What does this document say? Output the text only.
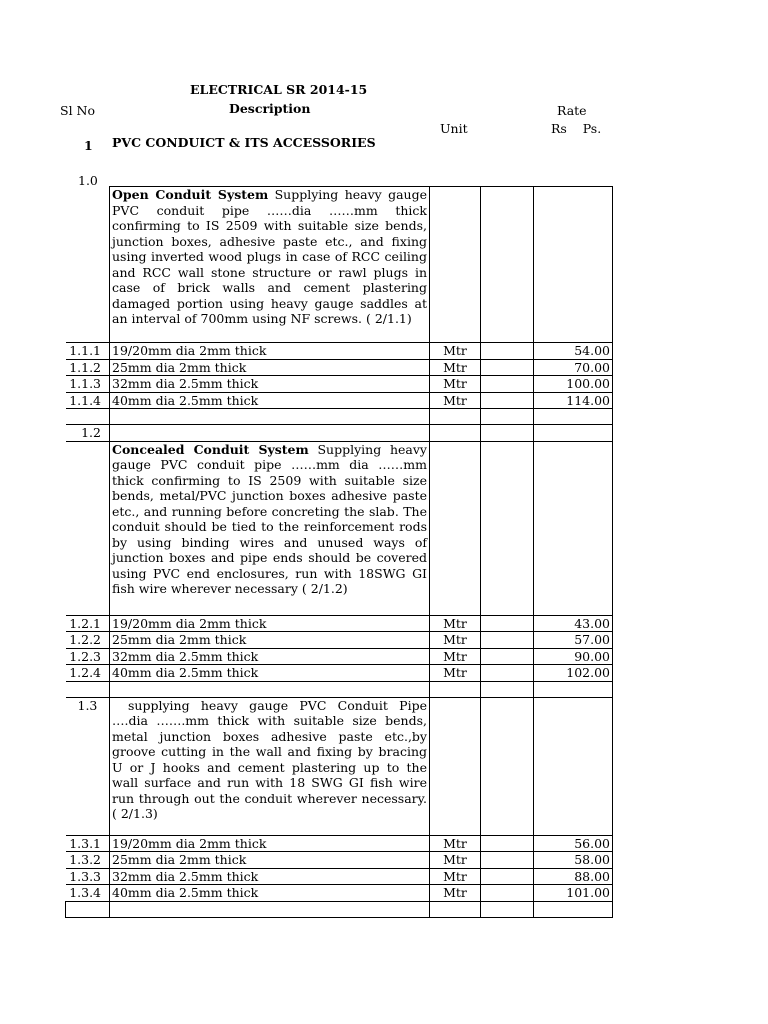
ELECTRICAL SR 2014-15
Sl No	Description	Rate
Unit	Rs    Ps.
1 PVC CONDUICT & ITS ACCESSORIES
1.0

	Open Conduit System Supplying heavy gauge PVC conduit pipe ……dia ……mm thick confirming to IS 2509 with suitable size bends, junction boxes, adhesive paste etc., and fixing using inverted wood plugs in case of RCC ceiling and RCC wall stone structure or rawl plugs in case of brick walls and cement plastering damaged portion using heavy gauge saddles at an interval of 700mm using NF screws. ( 2/1.1)			

1.1.1	19/20mm dia 2mm thick	Mtr		54.00
1.1.2	25mm dia 2mm thick	Mtr		70.00
1.1.3	32mm dia 2.5mm thick	Mtr		100.00
1.1.4	40mm dia 2.5mm thick	Mtr		114.00

1.2				

	Concealed Conduit System Supplying heavy gauge PVC conduit pipe ……mm dia ……mm thick confirming to IS 2509 with suitable size bends, metal/PVC junction boxes adhesive paste etc., and running before concreting the slab. The conduit should be tied to the reinforcement rods by using binding wires and unused ways of junction boxes and pipe ends should be covered using PVC end enclosures, run with 18SWG GI fish wire wherever necessary ( 2/1.2)			

1.2.1	19/20mm dia 2mm thick	Mtr		43.00
1.2.2	25mm dia 2mm thick	Mtr		57.00
1.2.3	32mm dia 2.5mm thick	Mtr		90.00
1.2.4	40mm dia 2.5mm thick	Mtr		102.00

1.3	supplying heavy gauge PVC Conduit Pipe ….dia …….mm thick with suitable size bends, metal junction boxes adhesive paste etc.,by groove cutting in the wall and fixing by bracing U or J hooks and cement plastering up to the wall surface and run with 18 SWG GI fish wire run through out the conduit wherever necessary.( 2/1.3)			

1.3.1	19/20mm dia 2mm thick	Mtr		56.00
1.3.2	25mm dia 2mm thick	Mtr		58.00
1.3.3	32mm dia 2.5mm thick	Mtr		88.00
1.3.4	40mm dia 2.5mm thick	Mtr		101.00
